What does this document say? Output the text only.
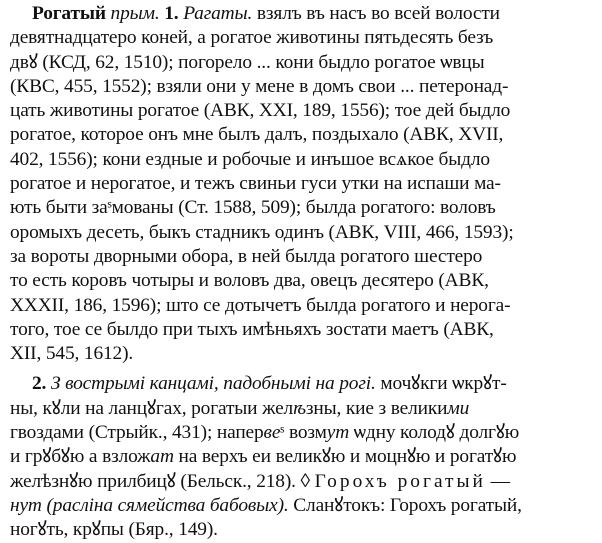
Рогатый прым. 1. Рагаты. взялъ въ насъ во всей волости
девятнадцатеро коней, а рогатое животины пятьдесять безъ
двꙋ (КСД, 62, 1510); погорело ... кони быдло рогатое ѡвцы
(КВС, 455, 1552); взяли они у мене в домъ свои ... петеронад-
цать животины рогатое (АВК, XXI, 189, 1556); тое дей быдло
рогатое, которое онъ мне былъ далъ, поздыхало (АВК, XVII,
402, 1556); кони ездные и робочые и инъшое всѧкое быдло
рогатое и нерогатое, и тежъ свиньи гуси утки на испаши ма-
ють быти заˢмованы (Ст. 1588, 509); былда рогатого: воловъ
оромыхъ десеть, быкъ стадникъ одинъ (АВК, VIII, 466, 1593);
за вороты дворными обора, в ней былда рогатого шестеро
то есть коровъ чотыры и воловъ два, овецъ десятеро (АВК,
XXXII, 186, 1596); што се дотычетъ былда рогатого и нерога-
того, тое се былдо при тыхъ имѣньяхъ зостати маетъ (АВК,
XII, 545, 1612).
2. З вострымі канцамі, падобнымі на рогі. мочꙋкги ѡкрꙋт-
ны, кꙋли на ланцꙋгах, рогатыи желѣзны, кие з великими
гвоздами (Стрыйк., 431); напервеˢ возмут ѡдну колодꙋ долгꙋю
и грꙋбꙋю а взложат на верхъ еи великꙋю и моцнꙋю и рогатꙋю
желѣзнꙋю прилбицꙋ (Бельск., 218). ◊ Горохъ рогатый —
нут (расліна сямейства бабовых). Сланꙋтокъ: Горохъ рогатый,
ногꙋть, крꙋпы (Бяр., 149).
